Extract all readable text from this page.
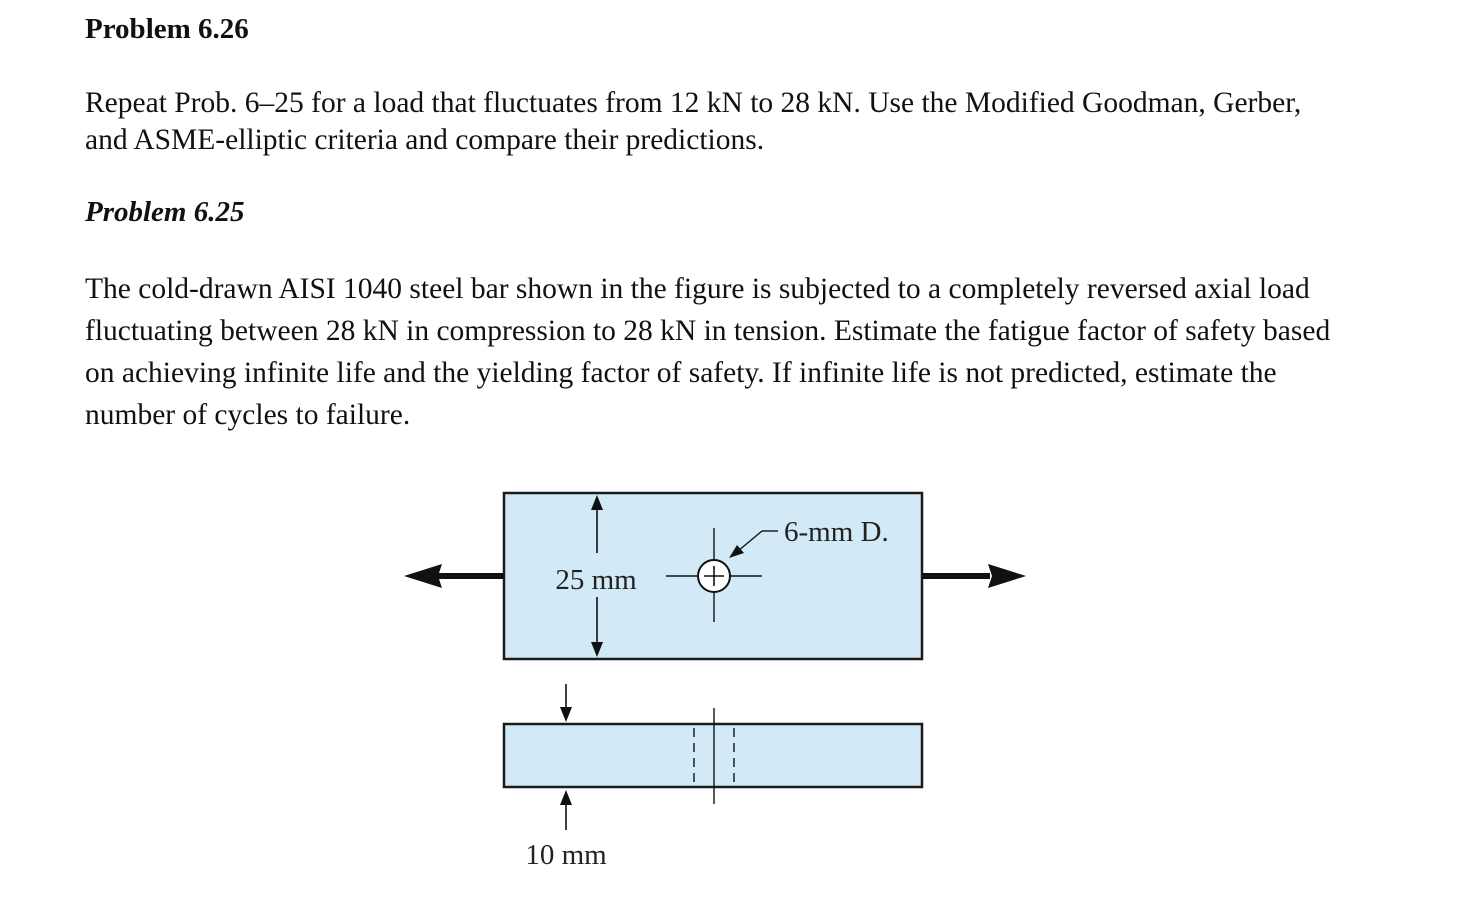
Problem 6.26

Repeat Prob. 6–25 for a load that fluctuates from 12 kN to 28 kN. Use the Modified Goodman, Gerber, and ASME-elliptic criteria and compare their predictions.

Problem 6.25

The cold-drawn AISI 1040 steel bar shown in the figure is subjected to a completely reversed axial load fluctuating between 28 kN in compression to 28 kN in tension. Estimate the fatigue factor of safety based on achieving infinite life and the yielding factor of safety. If infinite life is not predicted, estimate the number of cycles to failure.

25 mm
6-mm D.
10 mm
